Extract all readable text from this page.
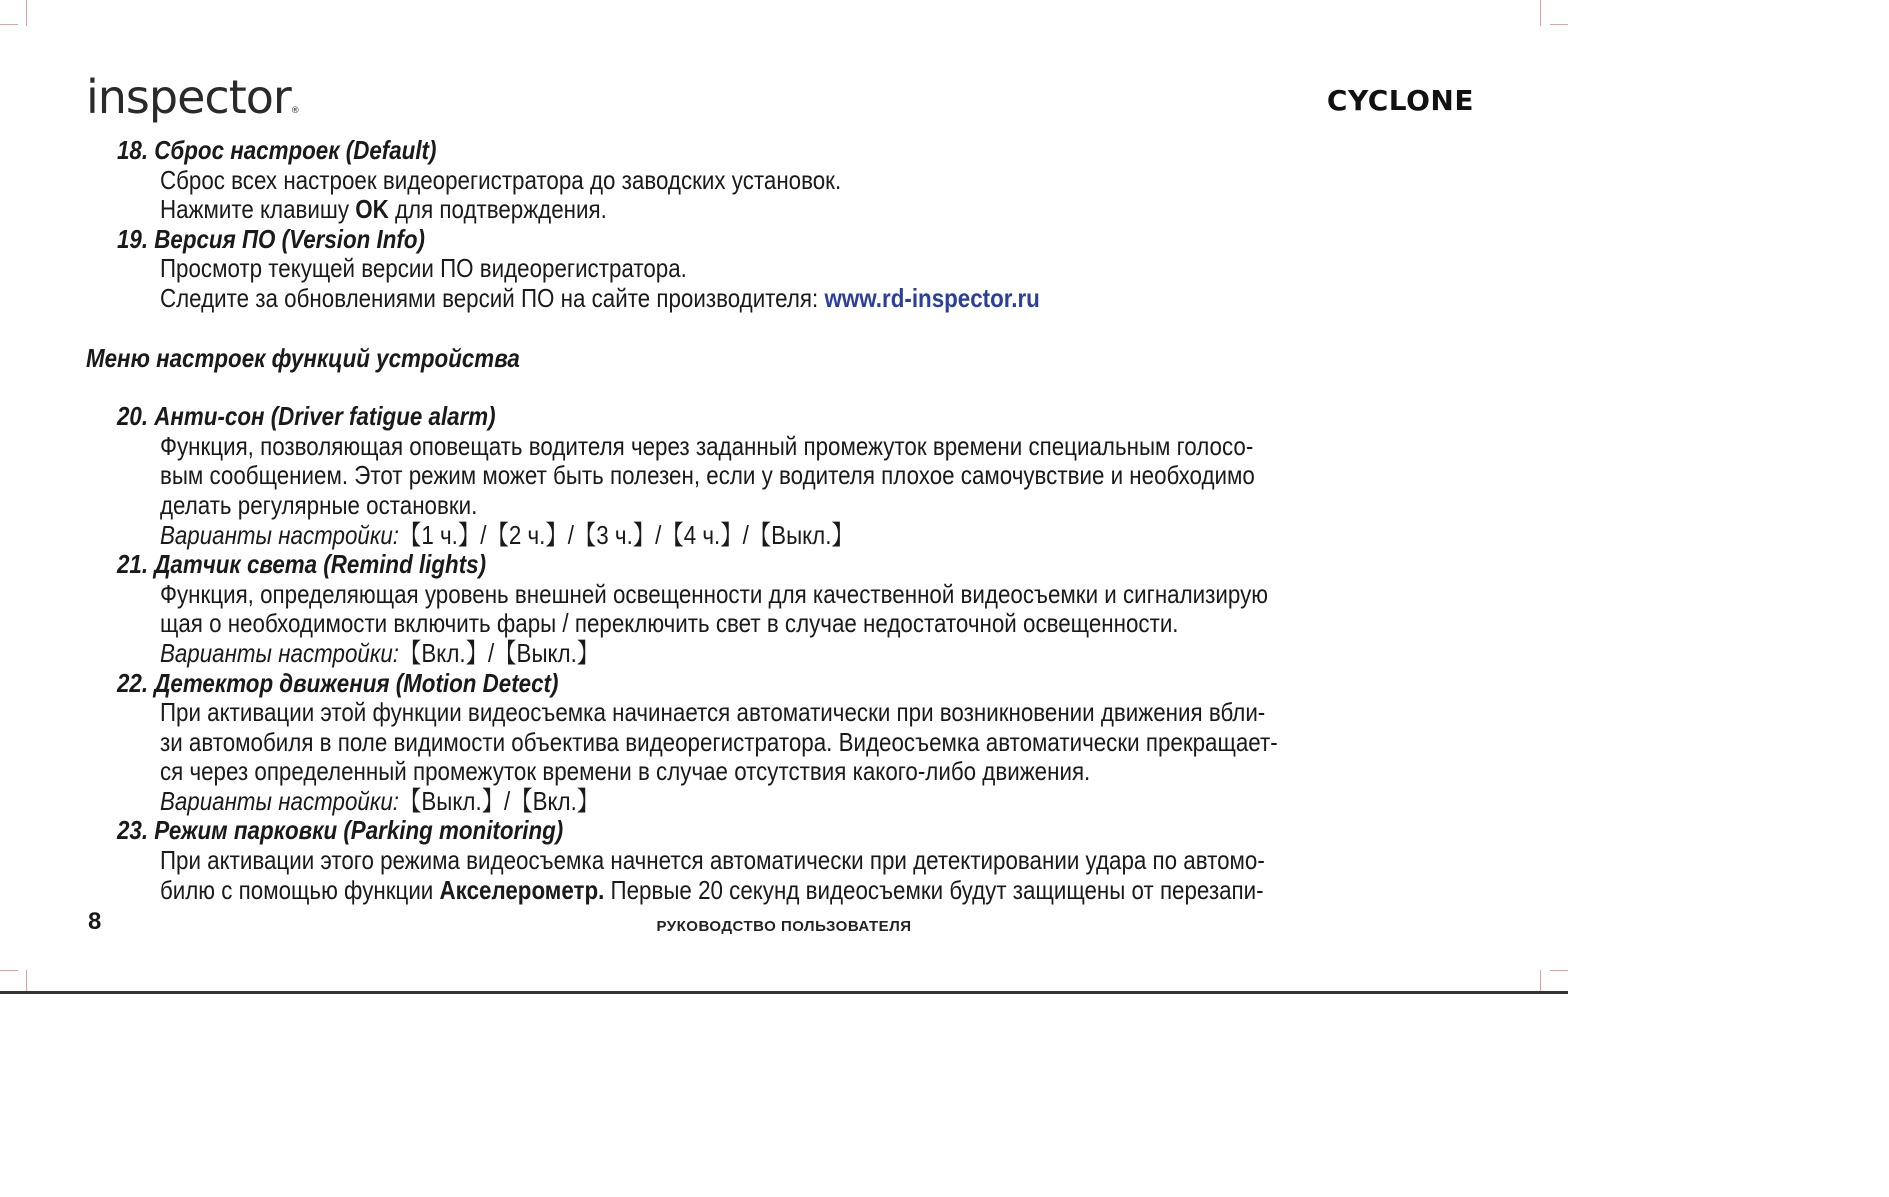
inspector®	CYCLONE
18. Сброс настроек (Default)
Сброс всех настроек видеорегистратора до заводских установок.
Нажмите клавишу OK для подтверждения.
19. Версия ПО (Version Info)
Просмотр текущей версии ПО видеорегистратора.
Следите за обновлениями версий ПО на сайте производителя: www.rd-inspector.ru
Меню настроек функций устройства
20. Анти-сон (Driver fatigue alarm)
Функция, позволяющая оповещать водителя через заданный промежуток времени специальным голосо-
вым сообщением. Этот режим может быть полезен, если у водителя плохое самочувствие и необходимо
делать регулярные остановки.
Варианты настройки:【1 ч.】/【2 ч.】/【3 ч.】/【4 ч.】/【Выкл.】
21. Датчик света (Remind lights)
Функция, определяющая уровень внешней освещенности для качественной видеосъемки и сигнализирую
щая о необходимости включить фары / переключить свет в случае недостаточной освещенности.
Варианты настройки:【Вкл.】/【Выкл.】
22. Детектор движения (Motion Detect)
При активации этой функции видеосъемка начинается автоматически при возникновении движения вбли-
зи автомобиля в поле видимости объектива видеорегистратора. Видеосъемка автоматически прекращает-
ся через определенный промежуток времени в случае отсутствия какого-либо движения.
Варианты настройки:【Выкл.】/【Вкл.】
23. Режим парковки (Parking monitoring)
При активации этого режима видеосъемка начнется автоматически при детектировании удара по автомо-
билю с помощью функции Акселерометр. Первые 20 секунд видеосъемки будут защищены от перезапи-
8	РУКОВОДСТВО ПОЛЬЗОВАТЕЛЯ
